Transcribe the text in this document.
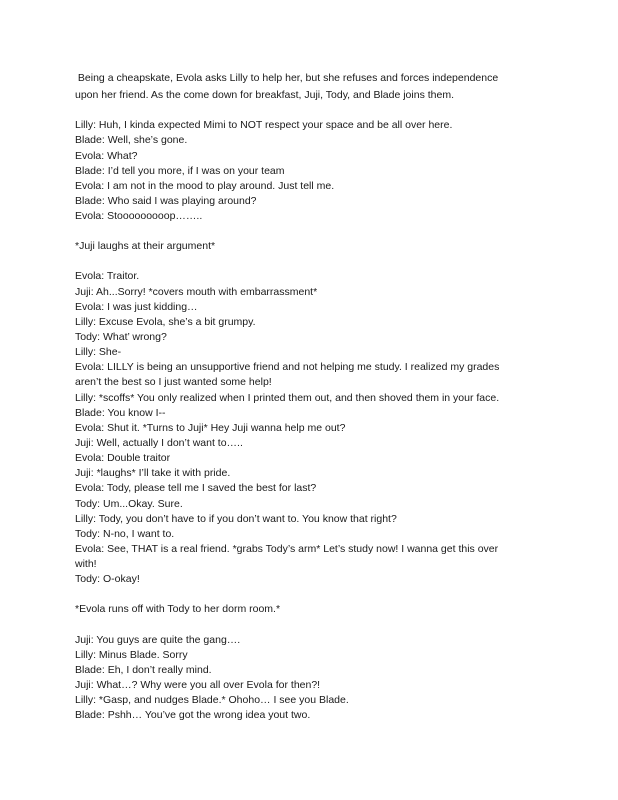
Being a cheapskate, Evola asks Lilly to help her, but she refuses and forces independence
upon her friend. As the come down for breakfast, Juji, Tody, and Blade joins them.
Lilly: Huh, I kinda expected Mimi to NOT respect your space and be all over here.
Blade: Well, she’s gone.
Evola: What?
Blade: I’d tell you more, if I was on your team
Evola: I am not in the mood to play around. Just tell me.
Blade: Who said I was playing around?
Evola: Stooooooooop……..
*Juji laughs at their argument*
Evola: Traitor.
Juji: Ah...Sorry! *covers mouth with embarrassment*
Evola: I was just kidding…
Lilly: Excuse Evola, she’s a bit grumpy.
Tody: What’ wrong?
Lilly: She-
Evola: LILLY is being an unsupportive friend and not helping me study. I realized my grades
aren’t the best so I just wanted some help!
Lilly: *scoffs* You only realized when I printed them out, and then shoved them in your face.
Blade: You know I--
Evola: Shut it. *Turns to Juji* Hey Juji wanna help me out?
Juji: Well, actually I don’t want to…..
Evola: Double traitor
Juji: *laughs* I’ll take it with pride.
Evola: Tody, please tell me I saved the best for last?
Tody: Um...Okay. Sure.
Lilly: Tody, you don’t have to if you don’t want to. You know that right?
Tody: N-no, I want to.
Evola: See, THAT is a real friend. *grabs Tody’s arm* Let’s study now! I wanna get this over
with!
Tody: O-okay!
*Evola runs off with Tody to her dorm room.*
Juji: You guys are quite the gang….
Lilly: Minus Blade. Sorry
Blade: Eh, I don’t really mind.
Juji: What…? Why were you all over Evola for then?!
Lilly: *Gasp, and nudges Blade.* Ohoho… I see you Blade.
Blade: Pshh… You’ve got the wrong idea yout two.
